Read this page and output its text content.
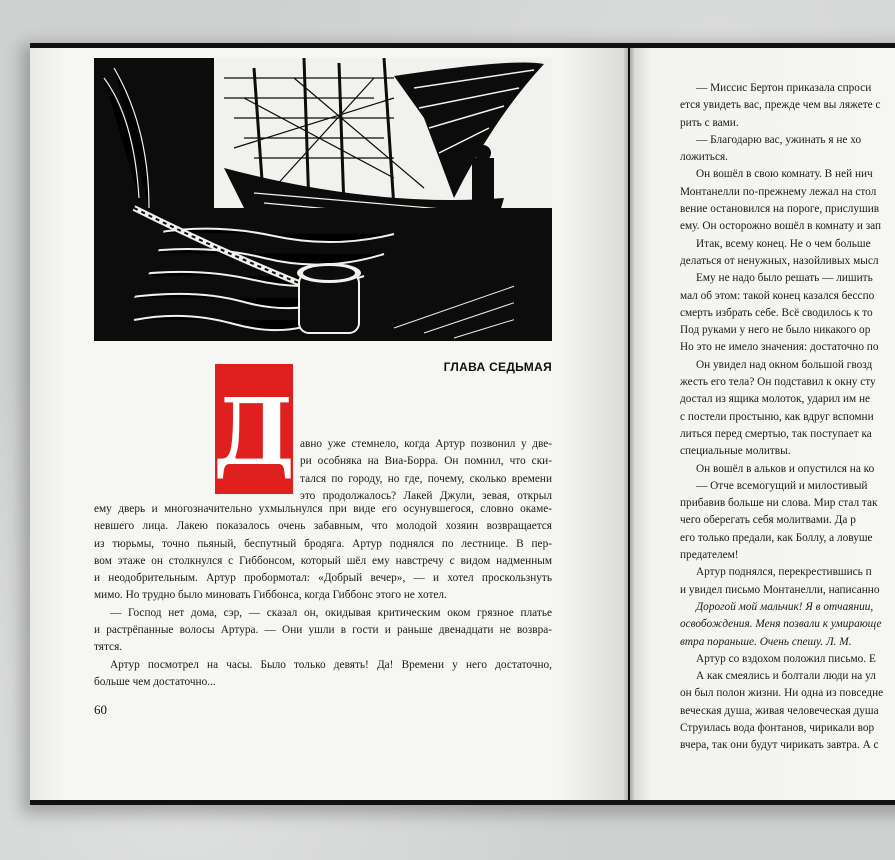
ГЛАВА СЕДЬМАЯ
Д авно уже стемнело, когда Артур позвонил у две-
ри особняка на Виа-Борра. Он помнил, что ски-
тался по городу, но где, почему, сколько времени
это продолжалось? Лакей Джули, зевая, открыл
ему дверь и многозначительно ухмыльнулся при виде его осунувшегося, словно окаме-
невшего лица. Лакею показалось очень забавным, что молодой хозяин возвращается
из тюрьмы, точно пьяный, беспутный бродяга. Артур поднялся по лестнице. В пер-
вом этаже он столкнулся с Гиббонсом, который шёл ему навстречу с видом надменным
и неодобрительным. Артур пробормотал: «Добрый вечер», — и хотел проскользнуть
мимо. Но трудно было миновать Гиббонса, когда Гиббонс этого не хотел.
— Господ нет дома, сэр, — сказал он, окидывая критическим оком грязное платье
и растрёпанные волосы Артура. — Они ушли в гости и раньше двенадцати не возвра-
тятся.
Артур посмотрел на часы. Было только девять! Да! Времени у него достаточно,
больше чем достаточно...
60
— Миссис Бертон приказала спроси
ется увидеть вас, прежде чем вы ляжете с
рить с вами.
— Благодарю вас, ужинать я не хо
ложиться.
Он вошёл в свою комнату. В ней нич
Монтанелли по-прежнему лежал на стол
вение остановился на пороге, прислушив
ему. Он осторожно вошёл в комнату и зап
Итак, всему конец. Не о чем больше
делаться от ненужных, назойливых мысл
Ему не надо было решать — лишить
мал об этом: такой конец казался бесспо
смерть избрать себе. Всё сводилось к то
Под руками у него не было никакого ор
Но это не имело значения: достаточно по
Он увидел над окном большой гвозд
жесть его тела? Он подставил к окну сту
достал из ящика молоток, ударил им не
с постели простыню, как вдруг вспомни
литься перед смертью, так поступает ка
специальные молитвы.
Он вошёл в альков и опустился на ко
— Отче всемогущий и милостивый
прибавив больше ни слова. Мир стал так
чего оберегать себя молитвами. Да р
его только предали, как Боллу, а ловуше
предателем!
Артур поднялся, перекрестившись п
и увидел письмо Монтанелли, написанно
Дорогой мой мальчик! Я в отчаянии,
освобождения. Меня позвали к умирающе
втра пораньше. Очень спешу. Л. М.
Артур со вздохом положил письмо. Е
А как смеялись и болтали люди на ул
он был полон жизни. Ни одна из повседне
веческая душа, живая человеческая душа
Струилась вода фонтанов, чирикали вор
вчера, так они будут чирикать завтра. А с
